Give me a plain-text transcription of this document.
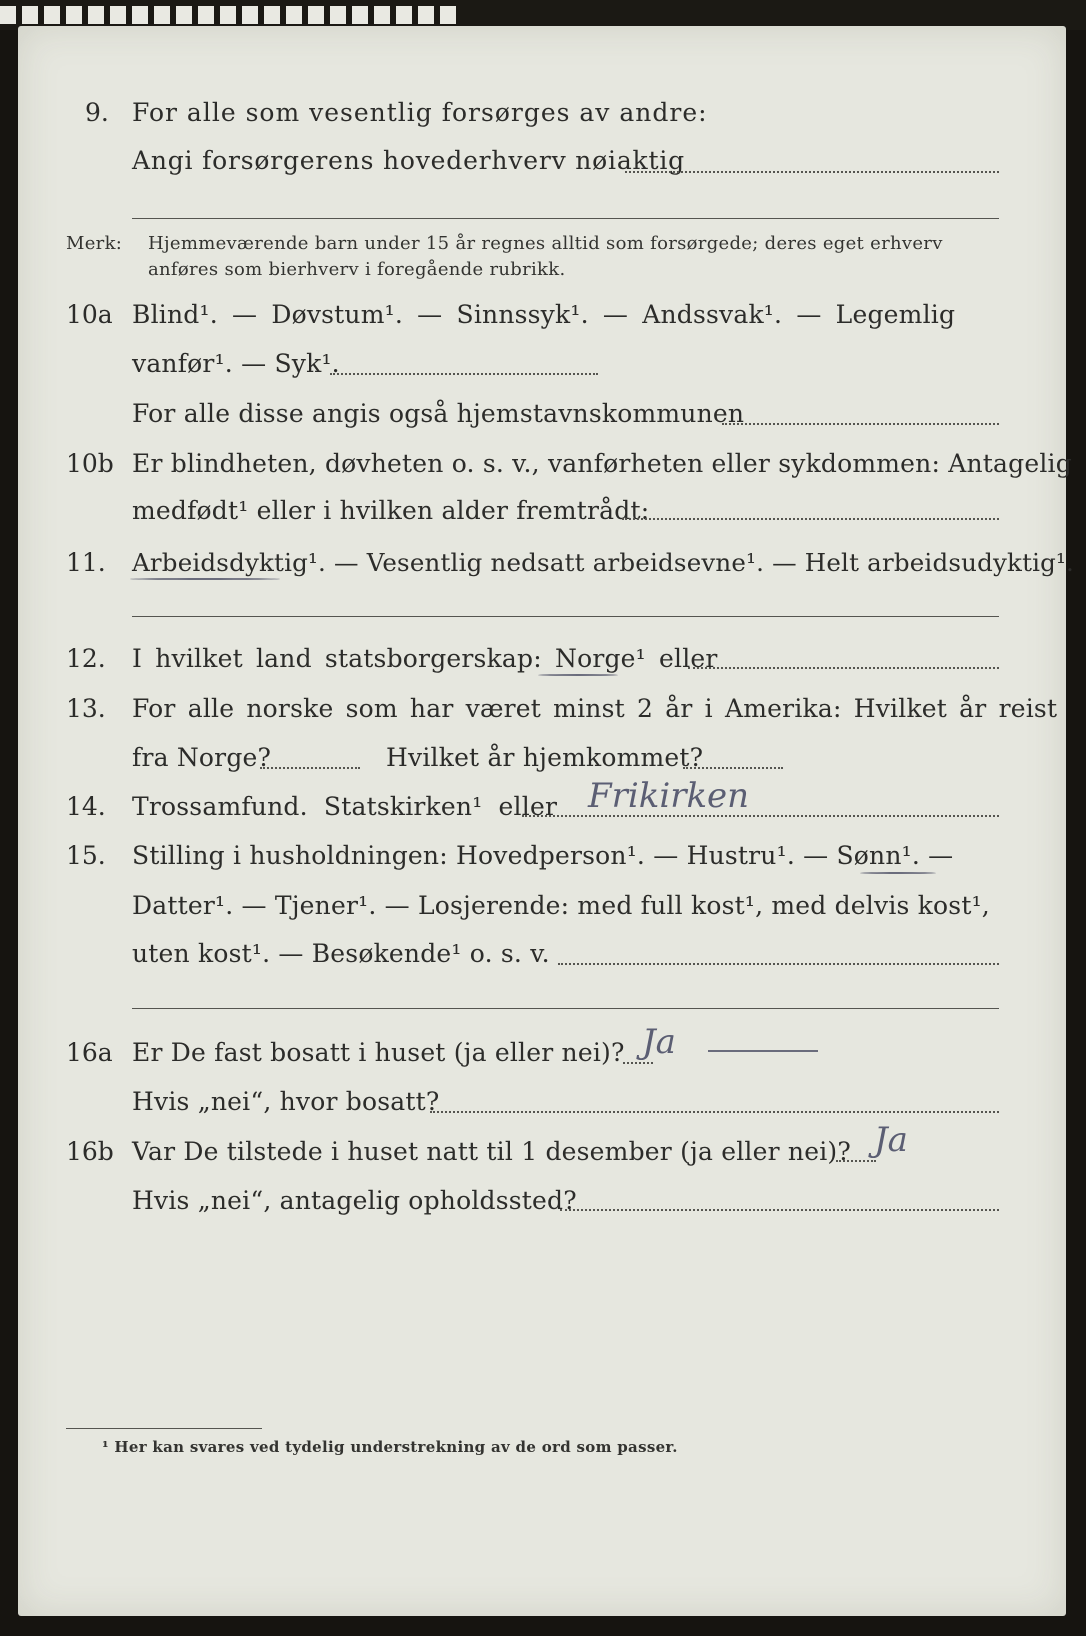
9. For alle som vesentlig forsørges av andre:
Angi forsørgerens hovederhverv nøiaktig
Merk: Hjemmeværende barn under 15 år regnes alltid som forsørgede; deres eget erhverv
anføres som bierhverv i foregående rubrikk.
10a Blind¹. — Døvstum¹. — Sinnssyk¹. — Andssvak¹. — Legemlig
vanfør¹. — Syk¹.
For alle disse angis også hjemstavnskommunen
10b Er blindheten, døvheten o. s. v., vanførheten eller sykdommen: Antagelig
medfødt¹ eller i hvilken alder fremtrådt:
11. Arbeidsdyktig¹. — Vesentlig nedsatt arbeidsevne¹. — Helt arbeidsudyktig¹.
12. I hvilket land statsborgerskap: Norge¹ eller
13. For alle norske som har været minst 2 år i Amerika: Hvilket år reist
fra Norge?	Hvilket år hjemkommet?
14. Trossamfund. Statskirken¹ eller Frikirken
15. Stilling i husholdningen: Hovedperson¹. — Hustru¹. — Sønn¹. —
Datter¹. — Tjener¹. — Losjerende: med full kost¹, med delvis kost¹,
uten kost¹. — Besøkende¹ o. s. v.
16a Er De fast bosatt i huset (ja eller nei)? Ja
Hvis „nei“, hvor bosatt?
16b Var De tilstede i huset natt til 1 desember (ja eller nei)? Ja
Hvis „nei“, antagelig opholdssted?
¹ Her kan svares ved tydelig understrekning av de ord som passer.
